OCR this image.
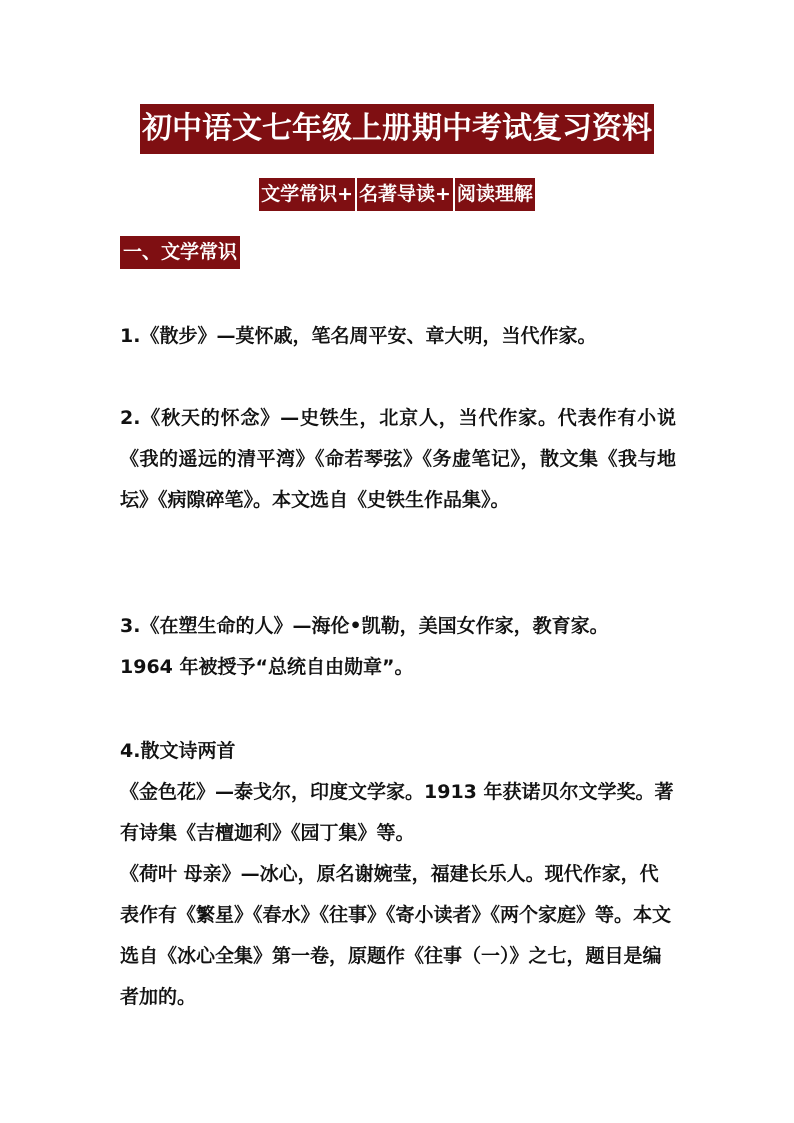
初中语文七年级上册期中考试复习资料
文学常识+ 名著导读+ 阅读理解
一、文学常识

1.《散步》—莫怀戚，笔名周平安、章大明，当代作家。

2.《秋天的怀念》—史铁生，北京人，当代作家。代表作有小说《我的遥远的清平湾》《命若琴弦》《务虚笔记》，散文集《我与地坛》《病隙碎笔》。本文选自《史铁生作品集》。

3.《在塑生命的人》—海伦•凯勒，美国女作家，教育家。

1964 年被授予“总统自由勋章”。

4.散文诗两首

《金色花》—泰戈尔，印度文学家。1913 年获诺贝尔文学奖。著有诗集《吉檀迦利》《园丁集》等。

《荷叶 母亲》—冰心，原名谢婉莹，福建长乐人。现代作家，代表作有《繁星》《春水》《往事》《寄小读者》《两个家庭》等。本文选自《冰心全集》第一卷，原题作《往事（一）》之七，题目是编者加的。
